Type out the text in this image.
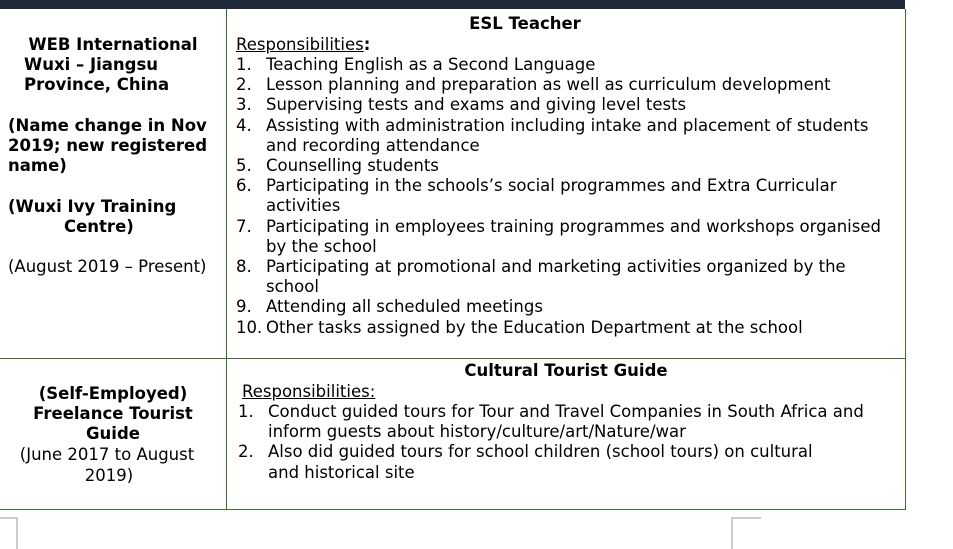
WEB International
Wuxi – Jiangsu
Province, China
(Name change in Nov
2019; new registered
name)
(Wuxi Ivy Training
Centre)
(August 2019 – Present)
ESL Teacher
Responsibilities:
1. Teaching English as a Second Language
2. Lesson planning and preparation as well as curriculum development
3. Supervising tests and exams and giving level tests
4. Assisting with administration including intake and placement of students
and recording attendance
5. Counselling students
6. Participating in the schools’s social programmes and Extra Curricular
activities
7. Participating in employees training programmes and workshops organised
by the school
8. Participating at promotional and marketing activities organized by the
school
9. Attending all scheduled meetings
10. Other tasks assigned by the Education Department at the school
(Self-Employed)
Freelance Tourist
Guide
(June 2017 to August
2019)
Cultural Tourist Guide
Responsibilities:
1. Conduct guided tours for Tour and Travel Companies in South Africa and
inform guests about history/culture/art/Nature/war
2. Also did guided tours for school children (school tours) on cultural
and historical site
